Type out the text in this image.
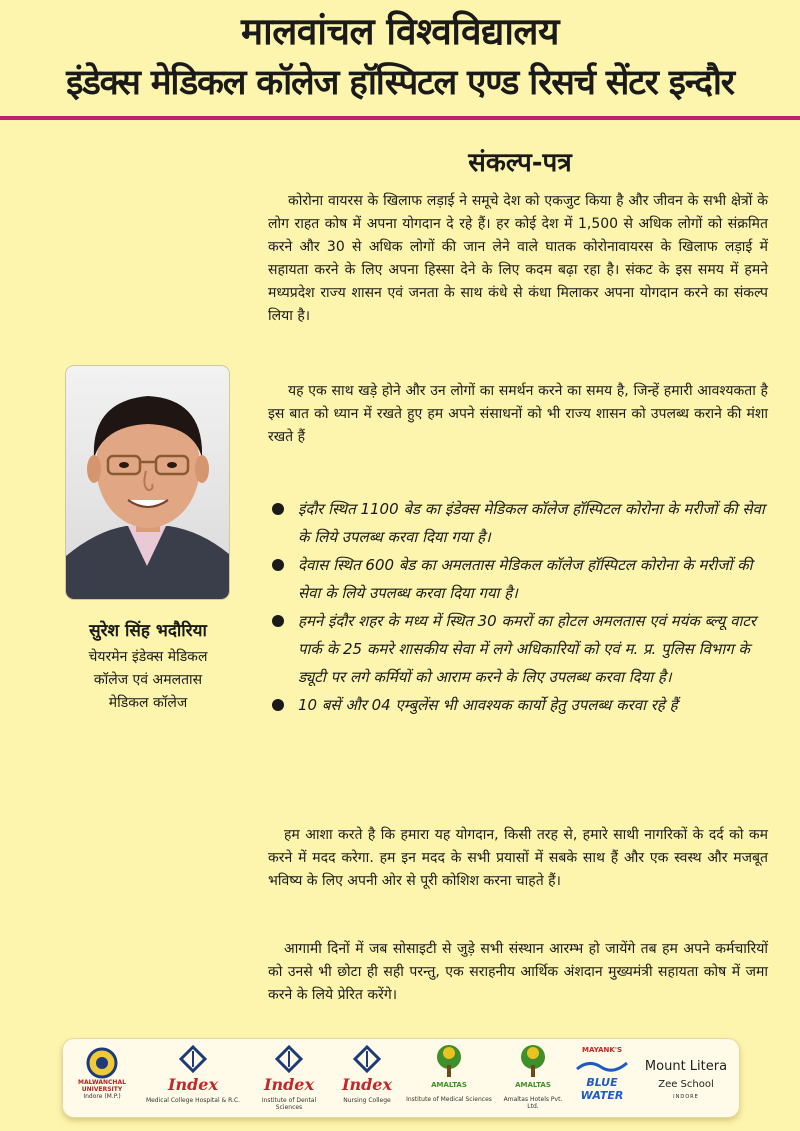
मालवांचल विश्वविद्यालय
इंडेक्स मेडिकल कॉलेज हॉस्पिटल एण्ड रिसर्च सेंटर इन्दौर
सुरेश सिंह भदौरिया
चेयरमेन इंडेक्स मेडिकल
कॉलेज एवं अमलतास
मेडिकल कॉलेज
संकल्प-पत्र

कोरोना वायरस के खिलाफ लड़ाई ने समूचे देश को एकजुट किया है और जीवन के सभी क्षेत्रों के लोग राहत कोष में अपना योगदान दे रहे हैं। हर कोई देश में 1,500 से अधिक लोगों को संक्रमित करने और 30 से अधिक लोगों की जान लेने वाले घातक कोरोनावायरस के खिलाफ लड़ाई में सहायता करने के लिए अपना हिस्सा देने के लिए कदम बढ़ा रहा है। संकट के इस समय में हमने मध्यप्रदेश राज्य शासन एवं जनता के साथ कंधे से कंधा मिलाकर अपना योगदान करने का संकल्प लिया है।

यह एक साथ खड़े होने और उन लोगों का समर्थन करने का समय है, जिन्हें हमारी आवश्यकता है इस बात को ध्यान में रखते हुए हम अपने संसाधनों को भी राज्य शासन को उपलब्ध कराने की मंशा रखते हैं

इंदौर स्थित 1100 बेड का इंडेक्स मेडिकल कॉलेज हॉस्पिटल कोरोना के मरीजों की सेवा के लिये उपलब्ध करवा दिया गया है।
देवास स्थित 600 बेड का अमलतास मेडिकल कॉलेज हॉस्पिटल कोरोना के मरीजों की सेवा के लिये उपलब्ध करवा दिया गया है।
हमने इंदौर शहर के मध्य में स्थित 30 कमरों का होटल अमलतास एवं मयंक ब्ल्यू वाटर पार्क के 25 कमरे शासकीय सेवा में लगे अधिकारियों को एवं म. प्र. पुलिस विभाग के ड्यूटी पर लगे कर्मियों को आराम करने के लिए उपलब्ध करवा दिया है।
10 बसें और 04 एम्बुलेंस भी आवश्यक कार्यो हेतु उपलब्ध करवा रहे हैं

हम आशा करते है कि हमारा यह योगदान, किसी तरह से, हमारे साथी नागरिकों के दर्द को कम करने में मदद करेगा. हम इन मदद के सभी प्रयासों में सबके साथ हैं और एक स्वस्थ और मजबूत भविष्य के लिए अपनी ओर से पूरी कोशिश करना चाहते हैं।

आगामी दिनों में जब सोसाइटी से जुड़े सभी संस्थान आरम्भ हो जायेंगे तब हम अपने कर्मचारियों को उनसे भी छोटा ही सही परन्तु, एक सराहनीय आर्थिक अंशदान मुख्यमंत्री सहायता कोष में जमा करने के लिये प्रेरित करेंगे।

MALWANCHAL
UNIVERSITY
Indore (M.P.)
Index
Medical College Hospital & R.C.
Index
Institute of Dental Sciences
Index
Nursing College
AMALTAS
Institute of Medical Sciences
AMALTAS
Amaltas Hotels Pvt. Ltd.
MAYANK'S
BLUE
WATER
Mount Litera
Zee School
INDORE
